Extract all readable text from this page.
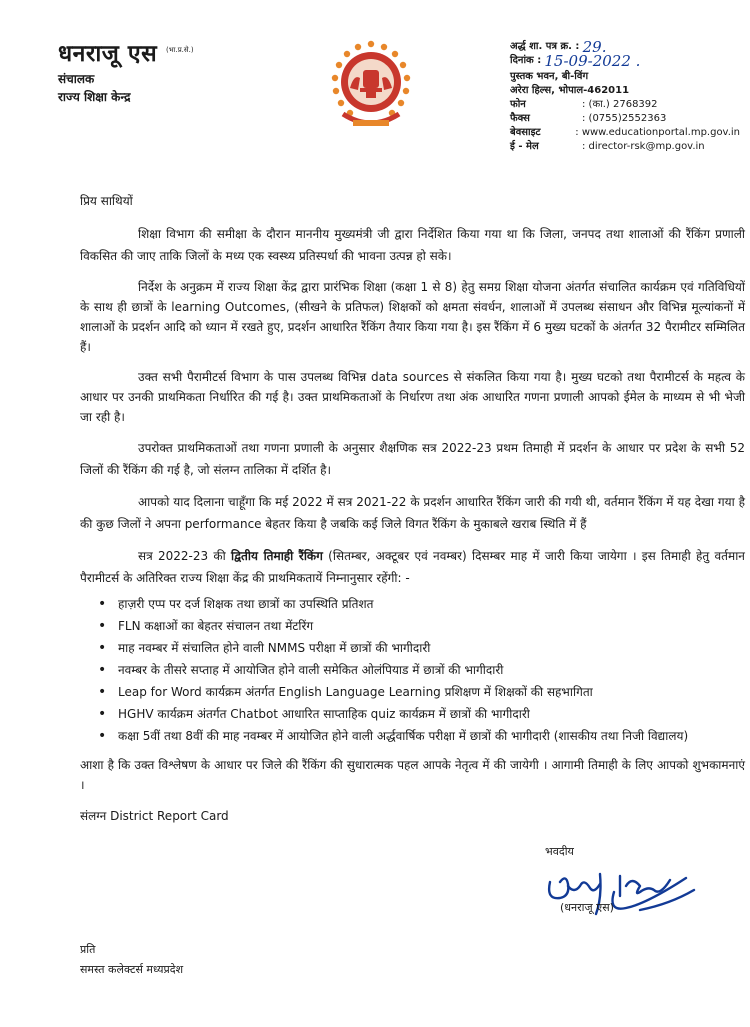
धनराजू एस (भा.प्र.से.)
संचालक
राज्य शिक्षा केन्द्र
अर्द्ध शा. पत्र क्र. :
29.
दिनांक :
15-09-2022 .
पुस्तक भवन, बी-विंग
अरेरा हिल्स, भोपाल-462011
फोन	: (का.) 2768392
फैक्स	: (0755)2552363
बेवसाइट	: www.educationportal.mp.gov.in
ई - मेल	: director-rsk@mp.gov.in
प्रिय साथियों

शिक्षा विभाग की समीक्षा के दौरान माननीय मुख्यमंत्री जी द्वारा निर्देशित किया गया था कि जिला, जनपद तथा शालाओं की रैंकिंग प्रणाली विकसित की जाए ताकि जिलों के मध्य एक स्वस्थ्य प्रतिस्पर्धा की भावना उत्पन्न हो सके।

निर्देश के अनुक्रम में राज्य शिक्षा केंद्र द्वारा प्रारंभिक शिक्षा (कक्षा 1 से 8) हेतु समग्र शिक्षा योजना अंतर्गत संचालित कार्यक्रम एवं गतिविधियों के साथ ही छात्रों के learning Outcomes, (सीखने के प्रतिफल) शिक्षकों को क्षमता संवर्धन, शालाओं में उपलब्ध संसाधन और विभिन्न मूल्यांकनों में शालाओं के प्रदर्शन आदि को ध्यान में रखते हुए, प्रदर्शन आधारित रैंकिंग तैयार किया गया है। इस रैंकिंग में 6 मुख्य घटकों के अंतर्गत 32 पैरामीटर सम्मिलित हैं।

उक्त सभी पैरामीटर्स विभाग के पास उपलब्ध विभिन्न data sources से संकलित किया गया है। मुख्य घटको तथा पैरामीटर्स के महत्व के आधार पर उनकी प्राथमिकता निर्धारित की गई है। उक्त प्राथमिकताओं के निर्धारण तथा अंक आधारित गणना प्रणाली आपको ईमेल के माध्यम से भी भेजी जा रही है।

उपरोक्त प्राथमिकताओं तथा गणना प्रणाली के अनुसार शैक्षणिक सत्र 2022-23 प्रथम तिमाही में प्रदर्शन के आधार पर प्रदेश के सभी 52 जिलों की रैंकिंग की गई है, जो संलग्न तालिका में दर्शित है।

आपको याद दिलाना चाहूँगा कि मई 2022 में सत्र 2021-22 के प्रदर्शन आधारित रैंकिंग जारी की गयी थी, वर्तमान रैंकिंग में यह देखा गया है की कुछ जिलों ने अपना performance बेहतर किया है जबकि कई जिले विगत रैंकिंग के मुकाबले खराब स्थिति में हैं

सत्र 2022-23 की द्वितीय तिमाही रैंकिंग (सितम्बर, अक्टूबर एवं नवम्बर) दिसम्बर माह में जारी किया जायेगा । इस तिमाही हेतु वर्तमान पैरामीटर्स के अतिरिक्त राज्य शिक्षा केंद्र की प्राथमिकतायें निम्नानुसार रहेंगी: -

• हाज़री एप्प पर दर्ज शिक्षक तथा छात्रों का उपस्थिति प्रतिशत
• FLN कक्षाओं का बेहतर संचालन तथा मेंटरिंग
• माह नवम्बर में संचालित होने वाली NMMS परीक्षा में छात्रों की भागीदारी
• नवम्बर के तीसरे सप्ताह में आयोजित होने वाली समेकित ओलंपियाड में छात्रों की भागीदारी
• Leap for Word कार्यक्रम अंतर्गत English Language Learning प्रशिक्षण में शिक्षकों की सहभागिता
• HGHV कार्यक्रम अंतर्गत Chatbot आधारित साप्ताहिक quiz कार्यक्रम में छात्रों की भागीदारी
• कक्षा 5वीं तथा 8वीं की माह नवम्बर में आयोजित होने वाली अर्द्धवार्षिक परीक्षा में छात्रों की भागीदारी (शासकीय तथा निजी विद्यालय)
आशा है कि उक्त विश्लेषण के आधार पर जिले की रैंकिंग की सुधारात्मक पहल आपके नेतृत्व में की जायेगी । आगामी तिमाही के लिए आपको शुभकामनाएं ।
संलग्न District Report Card
भवदीय
(धनराजू एस)
प्रति
समस्त कलेक्टर्स मध्यप्रदेश
